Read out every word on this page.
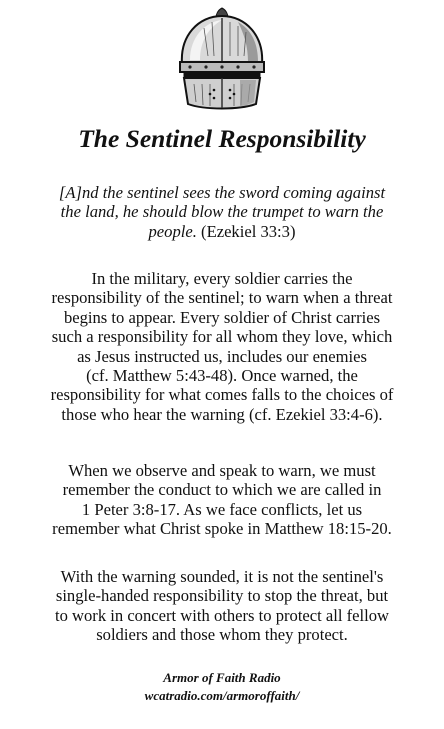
The Sentinel Responsibility

[A]nd the sentinel sees the sword coming against
the land, he should blow the trumpet to warn the
people. (Ezekiel 33:3)

In the military, every soldier carries the
responsibility of the sentinel; to warn when a threat
begins to appear. Every soldier of Christ carries
such a responsibility for all whom they love, which
as Jesus instructed us, includes our enemies
(cf. Matthew 5:43-48). Once warned, the
responsibility for what comes falls to the choices of
those who hear the warning (cf. Ezekiel 33:4-6).

When we observe and speak to warn, we must
remember the conduct to which we are called in
1 Peter 3:8-17. As we face conflicts, let us
remember what Christ spoke in Matthew 18:15-20.

With the warning sounded, it is not the sentinel's
single-handed responsibility to stop the threat, but
to work in concert with others to protect all fellow
soldiers and those whom they protect.

Armor of Faith Radio

wcatradio.com/armoroffaith/
